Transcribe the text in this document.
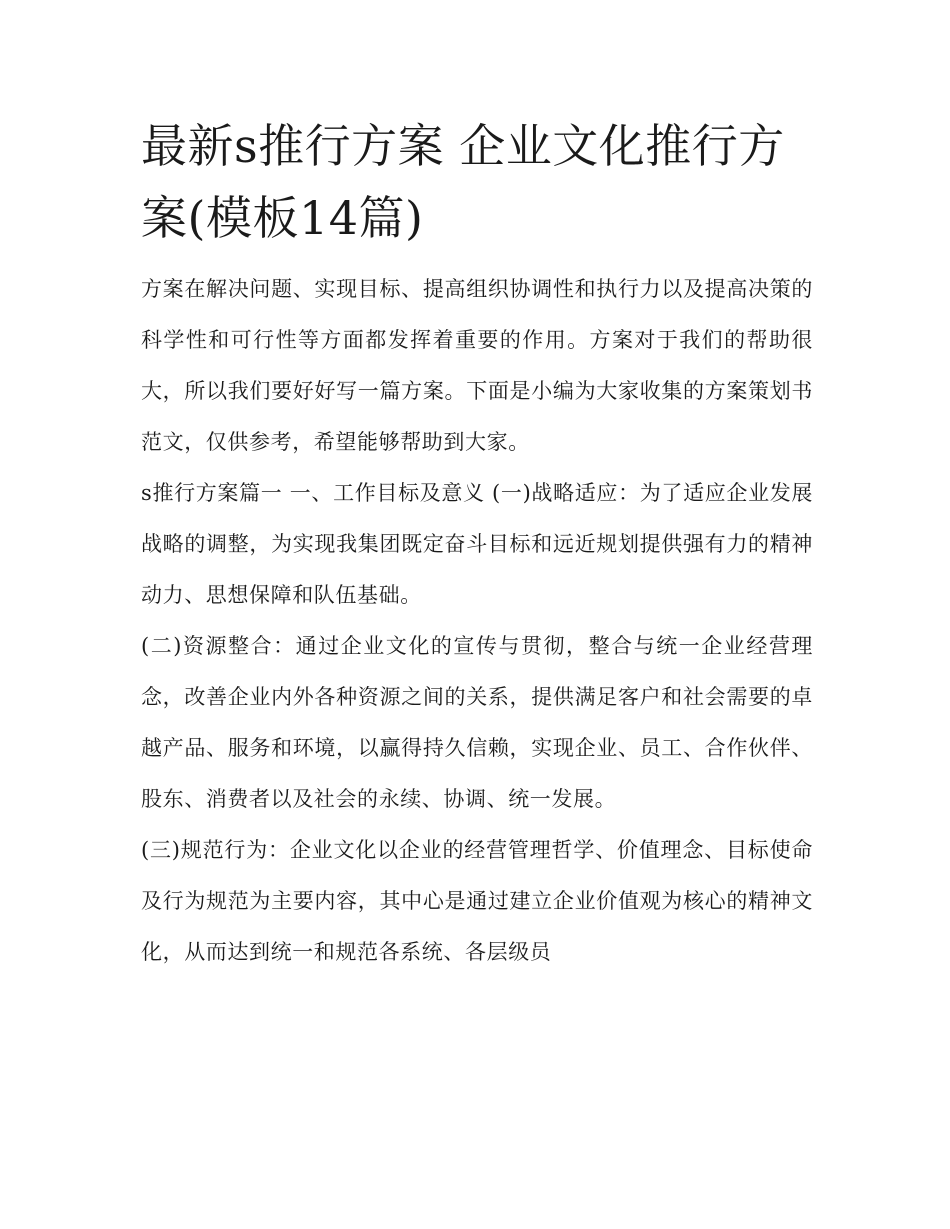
最新s推行方案 企业文化推行方案(模板14篇)

方案在解决问题、实现目标、提高组织协调性和执行力以及提高决策的科学性和可行性等方面都发挥着重要的作用。方案对于我们的帮助很大，所以我们要好好写一篇方案。下面是小编为大家收集的方案策划书范文，仅供参考，希望能够帮助到大家。

s推行方案篇一 一、工作目标及意义 (一)战略适应：为了适应企业发展战略的调整，为实现我集团既定奋斗目标和远近规划提供强有力的精神动力、思想保障和队伍基础。

(二)资源整合：通过企业文化的宣传与贯彻，整合与统一企业经营理念，改善企业内外各种资源之间的关系，提供满足客户和社会需要的卓越产品、服务和环境，以赢得持久信赖，实现企业、员工、合作伙伴、股东、消费者以及社会的永续、协调、统一发展。

(三)规范行为：企业文化以企业的经营管理哲学、价值理念、目标使命及行为规范为主要内容，其中心是通过建立企业价值观为核心的精神文化，从而达到统一和规范各系统、各层级员
